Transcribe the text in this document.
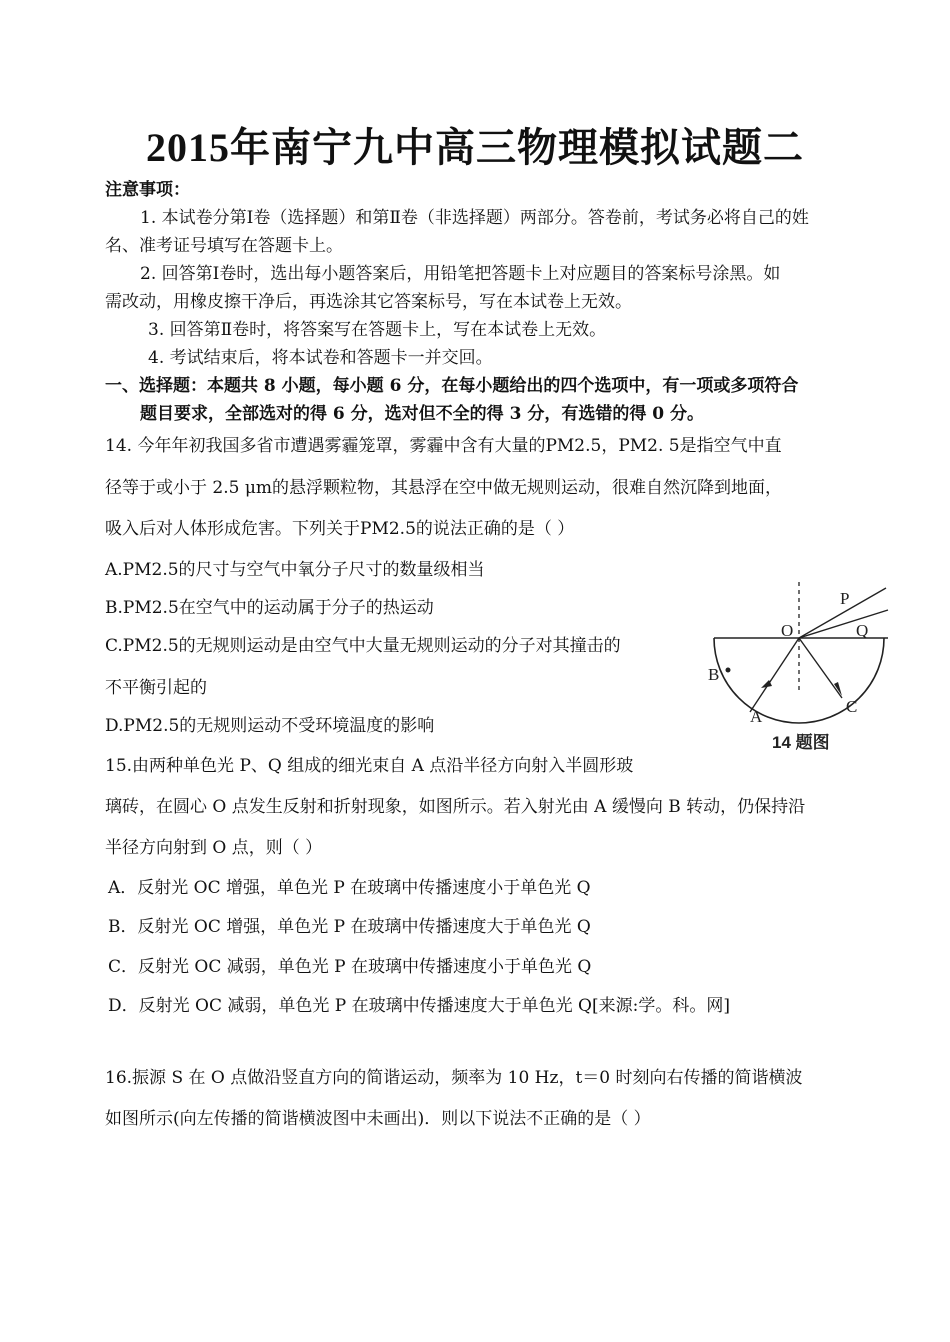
2015年南宁九中高三物理模拟试题二
注意事项：
1. 本试卷分第Ⅰ卷（选择题）和第Ⅱ卷（非选择题）两部分。答卷前，考试务必将自己的姓
名、准考证号填写在答题卡上。
2. 回答第Ⅰ卷时，选出每小题答案后，用铅笔把答题卡上对应题目的答案标号涂黑。如
需改动，用橡皮擦干净后，再选涂其它答案标号，写在本试卷上无效。
3. 回答第Ⅱ卷时，将答案写在答题卡上，写在本试卷上无效。
4. 考试结束后，将本试卷和答题卡一并交回。
一、选择题：本题共 8 小题，每小题 6 分，在每小题给出的四个选项中，有一项或多项符合
题目要求，全部选对的得 6 分，选对但不全的得 3 分，有选错的得 0 分。
14. 今年年初我国多省市遭遇雾霾笼罩，雾霾中含有大量的PM2.5，PM2. 5是指空气中直
径等于或小于 2.5 μm的悬浮颗粒物，其悬浮在空中做无规则运动，很难自然沉降到地面，
吸入后对人体形成危害。下列关于PM2.5的说法正确的是（ ）
A.PM2.5的尺寸与空气中氧分子尺寸的数量级相当
B.PM2.5在空气中的运动属于分子的热运动
C.PM2.5的无规则运动是由空气中大量无规则运动的分子对其撞击的
不平衡引起的
D.PM2.5的无规则运动不受环境温度的影响
O
P
Q
B
A
C
14 题图
15.由两种单色光 P、Q 组成的细光束自 A 点沿半径方向射入半圆形玻
璃砖，在圆心 O 点发生反射和折射现象，如图所示。若入射光由 A 缓慢向 B 转动，仍保持沿
半径方向射到 O 点，则（ ）
A．反射光 OC 增强，单色光 P 在玻璃中传播速度小于单色光 Q
B．反射光 OC 增强，单色光 P 在玻璃中传播速度大于单色光 Q
C．反射光 OC 减弱，单色光 P 在玻璃中传播速度小于单色光 Q
D．反射光 OC 减弱，单色光 P 在玻璃中传播速度大于单色光 Q[来源:学。科。网]
16.振源 S 在 O 点做沿竖直方向的简谐运动，频率为 10 Hz，t＝0 时刻向右传播的简谐横波
如图所示(向左传播的简谐横波图中未画出)．则以下说法不正确的是（ ）
